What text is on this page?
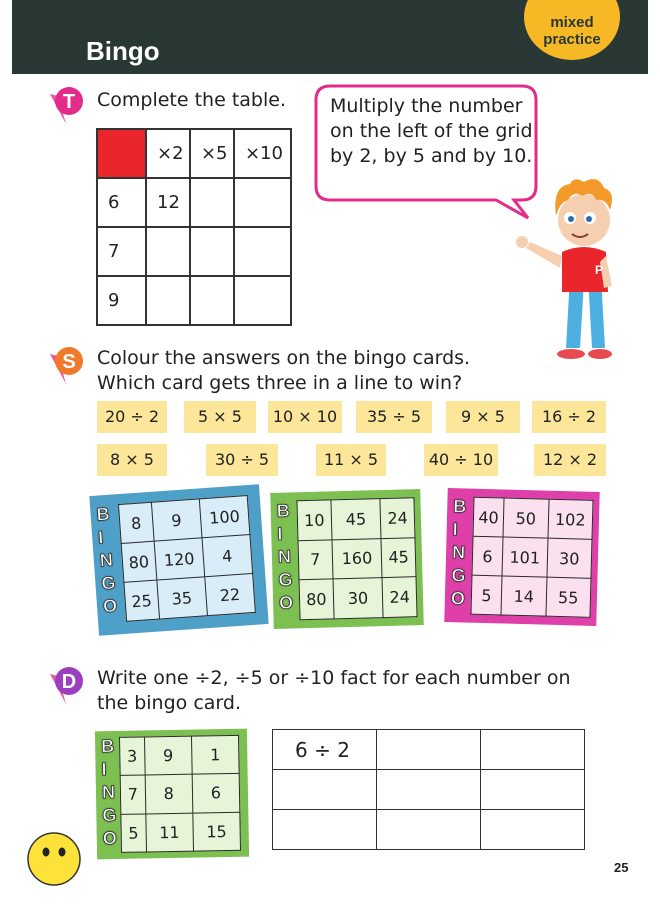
Bingo
mixed practice
T Complete the table.
	×2	×5	×10
6	12		
7			
9			
Multiply the number on the left of the grid by 2, by 5 and by 10.
P
S Colour the answers on the bingo cards.
Which card gets three in a line to win?
20 ÷ 2	5 × 5	10 × 10	35 ÷ 5	9 × 5	16 ÷ 2
8 × 5	30 ÷ 5	11 × 5	40 ÷ 10	12 × 2
B
I
N
G
O
8	9	100
80	120	4
25	35	22
B
I
N
G
O
10	45	24
7	160	45
80	30	24
B
I
N
G
O
40	50	102
6	101	30
5	14	55
D Write one ÷2, ÷5 or ÷10 fact for each number on
the bingo card.
B
I
N
G
O
3	9	1
7	8	6
5	11	15
6 ÷ 2		

25
